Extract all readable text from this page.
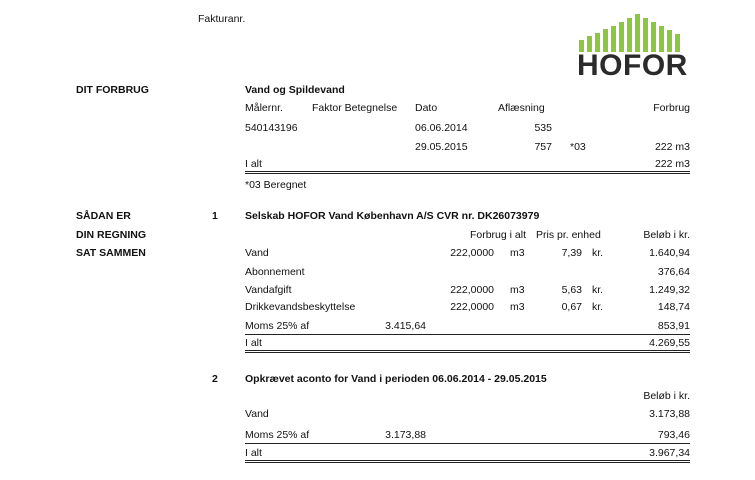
Fakturanr.
HOFOR
DIT FORBRUG	Vand og Spildevand
Målernr.	Faktor Betegnelse Dato	Aflæsning	Forbrug
540143196	06.06.2014	535
29.05.2015	757 *03	222 m3
I alt	222 m3
*03 Beregnet
SÅDAN ER
DIN REGNING
SAT SAMMEN
1	Selskab HOFOR Vand København A/S CVR nr. DK26073979
Forbrug i alt Pris pr. enhed	Beløb i kr.
Vand	222,0000 m3	7,39 kr.	1.640,94
Abonnement	376,64
Vandafgift	222,0000 m3	5,63 kr.	1.249,32
Drikkevandsbeskyttelse	222,0000 m3	0,67 kr.	148,74
Moms 25% af	3.415,64	853,91
I alt	4.269,55
2	Opkrævet aconto for Vand i perioden 06.06.2014 - 29.05.2015
Beløb i kr.
Vand	3.173,88
Moms 25% af	3.173,88	793,46
I alt	3.967,34
